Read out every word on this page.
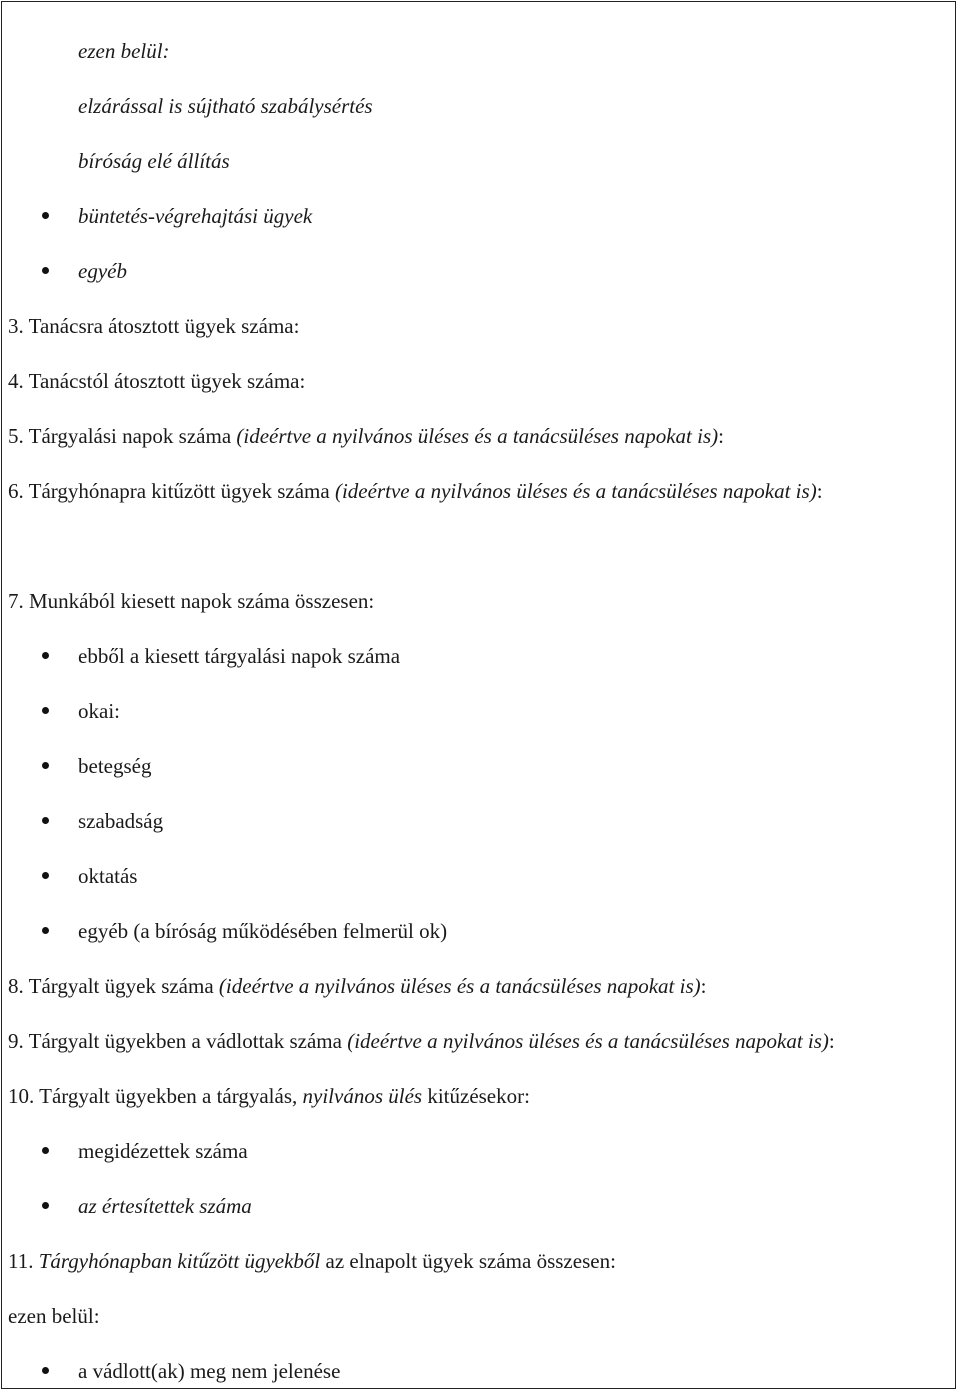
ezen belül:

elzárással is sújtható szabálysértés

bíróság elé állítás

büntetés-végrehajtási ügyek

egyéb

3. Tanácsra átosztott ügyek száma:

4. Tanácstól átosztott ügyek száma:

5. Tárgyalási napok száma (ideértve a nyilvános üléses és a tanácsüléses napokat is):

6. Tárgyhónapra kitűzött ügyek száma (ideértve a nyilvános üléses és a tanácsüléses napokat is):

7. Munkából kiesett napok száma összesen:

ebből a kiesett tárgyalási napok száma

okai:

betegség

szabadság

oktatás

egyéb (a bíróság működésében felmerül ok)

8. Tárgyalt ügyek száma (ideértve a nyilvános üléses és a tanácsüléses napokat is):

9. Tárgyalt ügyekben a vádlottak száma (ideértve a nyilvános üléses és a tanácsüléses napokat is):

10. Tárgyalt ügyekben a tárgyalás, nyilvános ülés kitűzésekor:

megidézettek száma

az értesítettek száma

11. Tárgyhónapban kitűzött ügyekből az elnapolt ügyek száma összesen:

ezen belül:

a vádlott(ak) meg nem jelenése
